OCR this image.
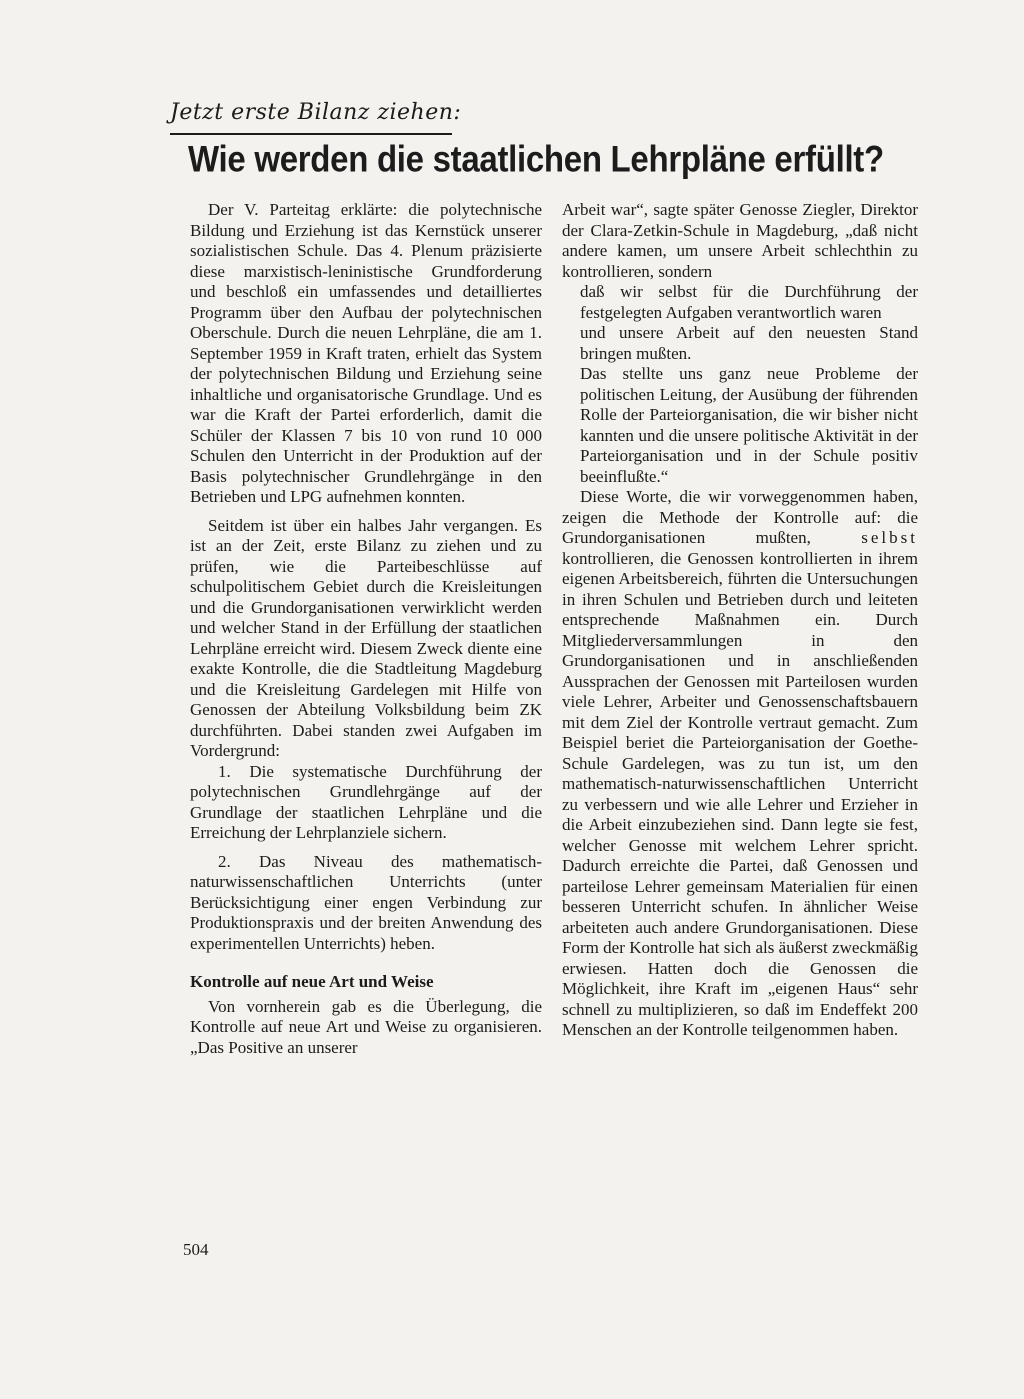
Jetzt erste Bilanz ziehen:
Wie werden die staatlichen Lehrpläne erfüllt?

Der V. Parteitag erklärte: die polytechnische Bildung und Erziehung ist das Kernstück unserer sozialistischen Schule. Das 4. Plenum präzisierte diese marxistisch-leninistische Grundforderung und beschloß ein umfassendes und detailliertes Programm über den Aufbau der polytechnischen Oberschule. Durch die neuen Lehrpläne, die am 1. September 1959 in Kraft traten, erhielt das System der polytechnischen Bildung und Erziehung seine inhaltliche und organisatorische Grundlage. Und es war die Kraft der Partei erforderlich, damit die Schüler der Klassen 7 bis 10 von rund 10 000 Schulen den Unterricht in der Produktion auf der Basis polytechnischer Grundlehrgänge in den Betrieben und LPG aufnehmen konnten.

Seitdem ist über ein halbes Jahr vergangen. Es ist an der Zeit, erste Bilanz zu ziehen und zu prüfen, wie die Parteibeschlüsse auf schulpolitischem Gebiet durch die Kreisleitungen und die Grundorganisationen verwirklicht werden und welcher Stand in der Erfüllung der staatlichen Lehrpläne erreicht wird. Diesem Zweck diente eine exakte Kontrolle, die die Stadtleitung Magdeburg und die Kreisleitung Gardelegen mit Hilfe von Genossen der Abteilung Volksbildung beim ZK durchführten. Dabei standen zwei Aufgaben im Vordergrund:

1. Die systematische Durchführung der polytechnischen Grundlehrgänge auf der Grundlage der staatlichen Lehrpläne und die Erreichung der Lehrplanziele sichern.

2. Das Niveau des mathematisch-naturwissenschaftlichen Unterrichts (unter Berücksichtigung einer engen Verbindung zur Produktionspraxis und der breiten Anwendung des experimentellen Unterrichts) heben.

Kontrolle auf neue Art und Weise

Von vornherein gab es die Überlegung, die Kontrolle auf neue Art und Weise zu organisieren. „Das Positive an unserer

Arbeit war“, sagte später Genosse Ziegler, Direktor der Clara-Zetkin-Schule in Magdeburg, „daß nicht andere kamen, um unsere Arbeit schlechthin zu kontrollieren, sondern

daß wir selbst für die Durchführung der festgelegten Aufgaben verantwortlich waren

und unsere Arbeit auf den neuesten Stand bringen mußten.

Das stellte uns ganz neue Probleme der politischen Leitung, der Ausübung der führenden Rolle der Parteiorganisation, die wir bisher nicht kannten und die unsere politische Aktivität in der Parteiorganisation und in der Schule positiv beeinflußte.“

Diese Worte, die wir vorweggenommen haben, zeigen die Methode der Kontrolle auf: die Grundorganisationen mußten, selbst kontrollieren, die Genossen kontrollierten in ihrem eigenen Arbeitsbereich, führten die Untersuchungen in ihren Schulen und Betrieben durch und leiteten entsprechende Maßnahmen ein. Durch Mitgliederversammlungen in den Grundorganisationen und in anschließenden Aussprachen der Genossen mit Parteilosen wurden viele Lehrer, Arbeiter und Genossenschaftsbauern mit dem Ziel der Kontrolle vertraut gemacht. Zum Beispiel beriet die Parteiorganisation der Goethe-Schule Gardelegen, was zu tun ist, um den mathematisch-naturwissenschaftlichen Unterricht zu verbessern und wie alle Lehrer und Erzieher in die Arbeit einzubeziehen sind. Dann legte sie fest, welcher Genosse mit welchem Lehrer spricht. Dadurch erreichte die Partei, daß Genossen und parteilose Lehrer gemeinsam Materialien für einen besseren Unterricht schufen. In ähnlicher Weise arbeiteten auch andere Grundorganisationen. Diese Form der Kontrolle hat sich als äußerst zweckmäßig erwiesen. Hatten doch die Genossen die Möglichkeit, ihre Kraft im „eigenen Haus“ sehr schnell zu multiplizieren, so daß im Endeffekt 200 Menschen an der Kontrolle teilgenommen haben.

504
